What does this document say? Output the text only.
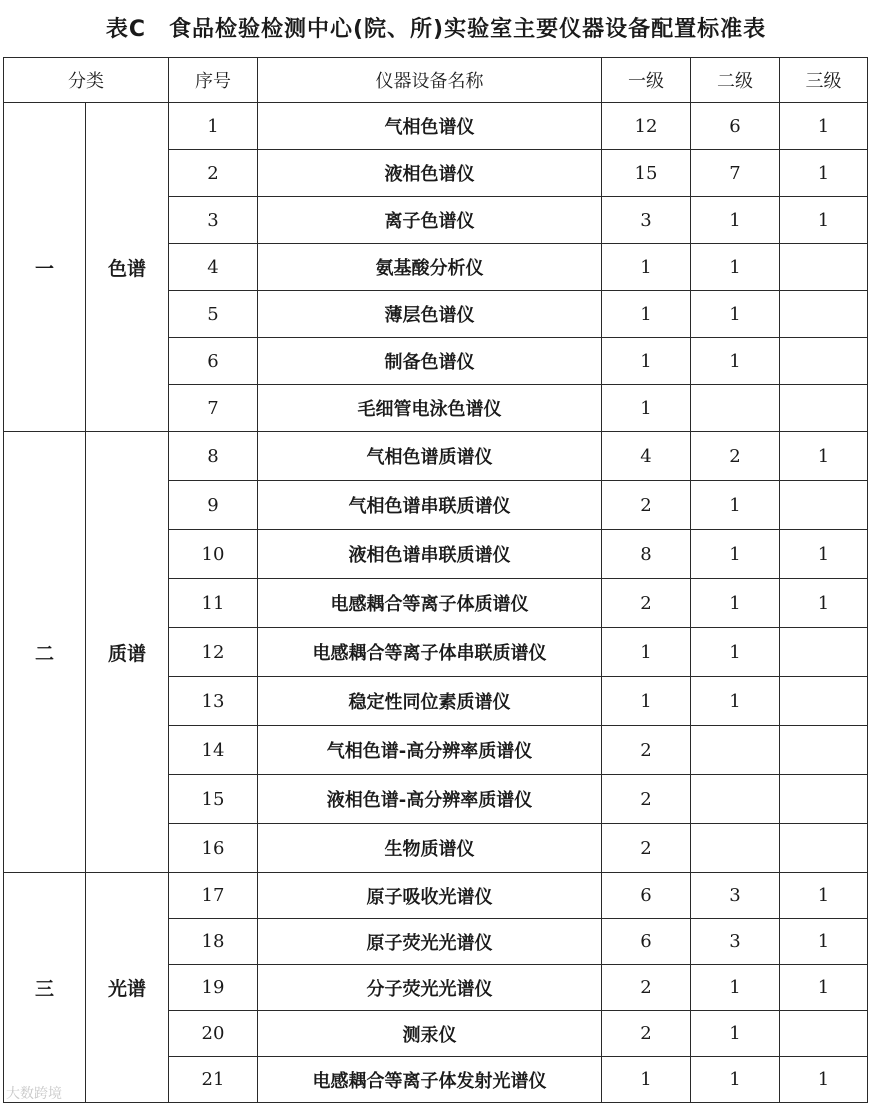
表C　食品检验检测中心(院、所)实验室主要仪器设备配置标准表
分类		序号	仪器设备名称	一级	二级	三级
一	色谱	1	气相色谱仪	12	6	1
		2	液相色谱仪	15	7	1
		3	离子色谱仪	3	1	1
		4	氨基酸分析仪	1	1	
		5	薄层色谱仪	1	1	
		6	制备色谱仪	1	1	
		7	毛细管电泳色谱仪	1		
二	质谱	8	气相色谱质谱仪	4	2	1
		9	气相色谱串联质谱仪	2	1	
		10	液相色谱串联质谱仪	8	1	1
		11	电感耦合等离子体质谱仪	2	1	1
		12	电感耦合等离子体串联质谱仪	1	1	
		13	稳定性同位素质谱仪	1	1	
		14	气相色谱-高分辨率质谱仪	2		
		15	液相色谱-高分辨率质谱仪	2		
		16	生物质谱仪	2		
三	光谱	17	原子吸收光谱仪	6	3	1
		18	原子荧光光谱仪	6	3	1
		19	分子荧光光谱仪	2	1	1
		20	测汞仪	2	1	
		21	电感耦合等离子体发射光谱仪	1	1	1
大数跨境
